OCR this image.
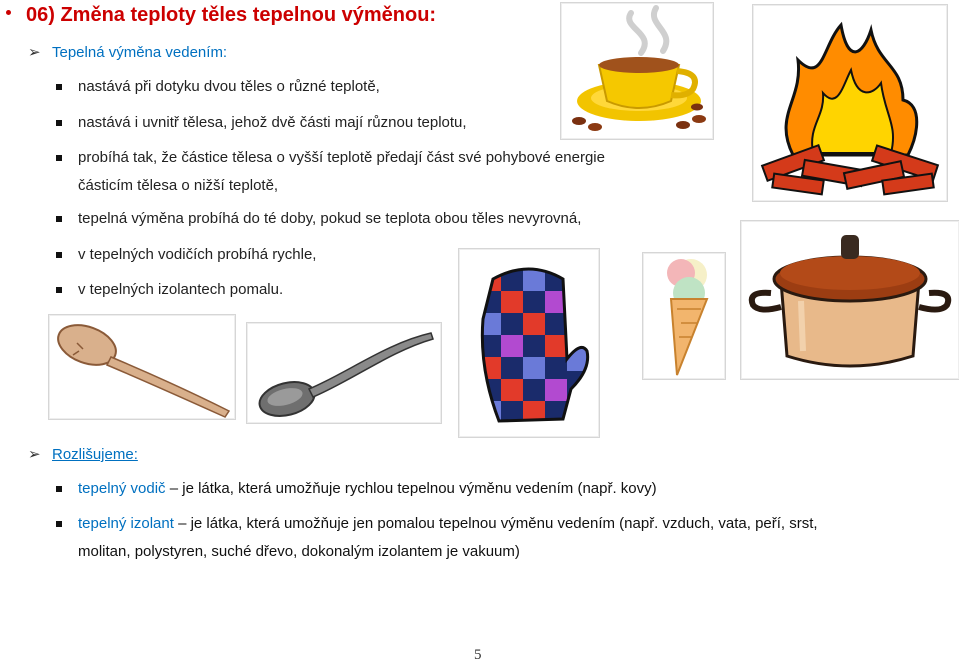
06) Změna teploty těles tepelnou výměnou:
➢ Tepelná výměna vedením:
nastává při dotyku dvou těles o různé teplotě,
nastává i uvnitř tělesa, jehož dvě části mají různou teplotu,
probíhá tak, že částice tělesa o vyšší teplotě předají část své pohybové energie
částicím tělesa o nižší teplotě,
tepelná výměna probíhá do té doby, pokud se teplota obou těles nevyrovná,
v tepelných vodičích probíhá rychle,
v tepelných izolantech pomalu.
➢ Rozlišujeme:
tepelný vodič – je látka, která umožňuje rychlou tepelnou výměnu vedením (např. kovy)
tepelný izolant – je látka, která umožňuje jen pomalou tepelnou výměnu vedením (např. vzduch, vata, peří, srst,
molitan, polystyren, suché dřevo, dokonalým izolantem je vakuum)
5
